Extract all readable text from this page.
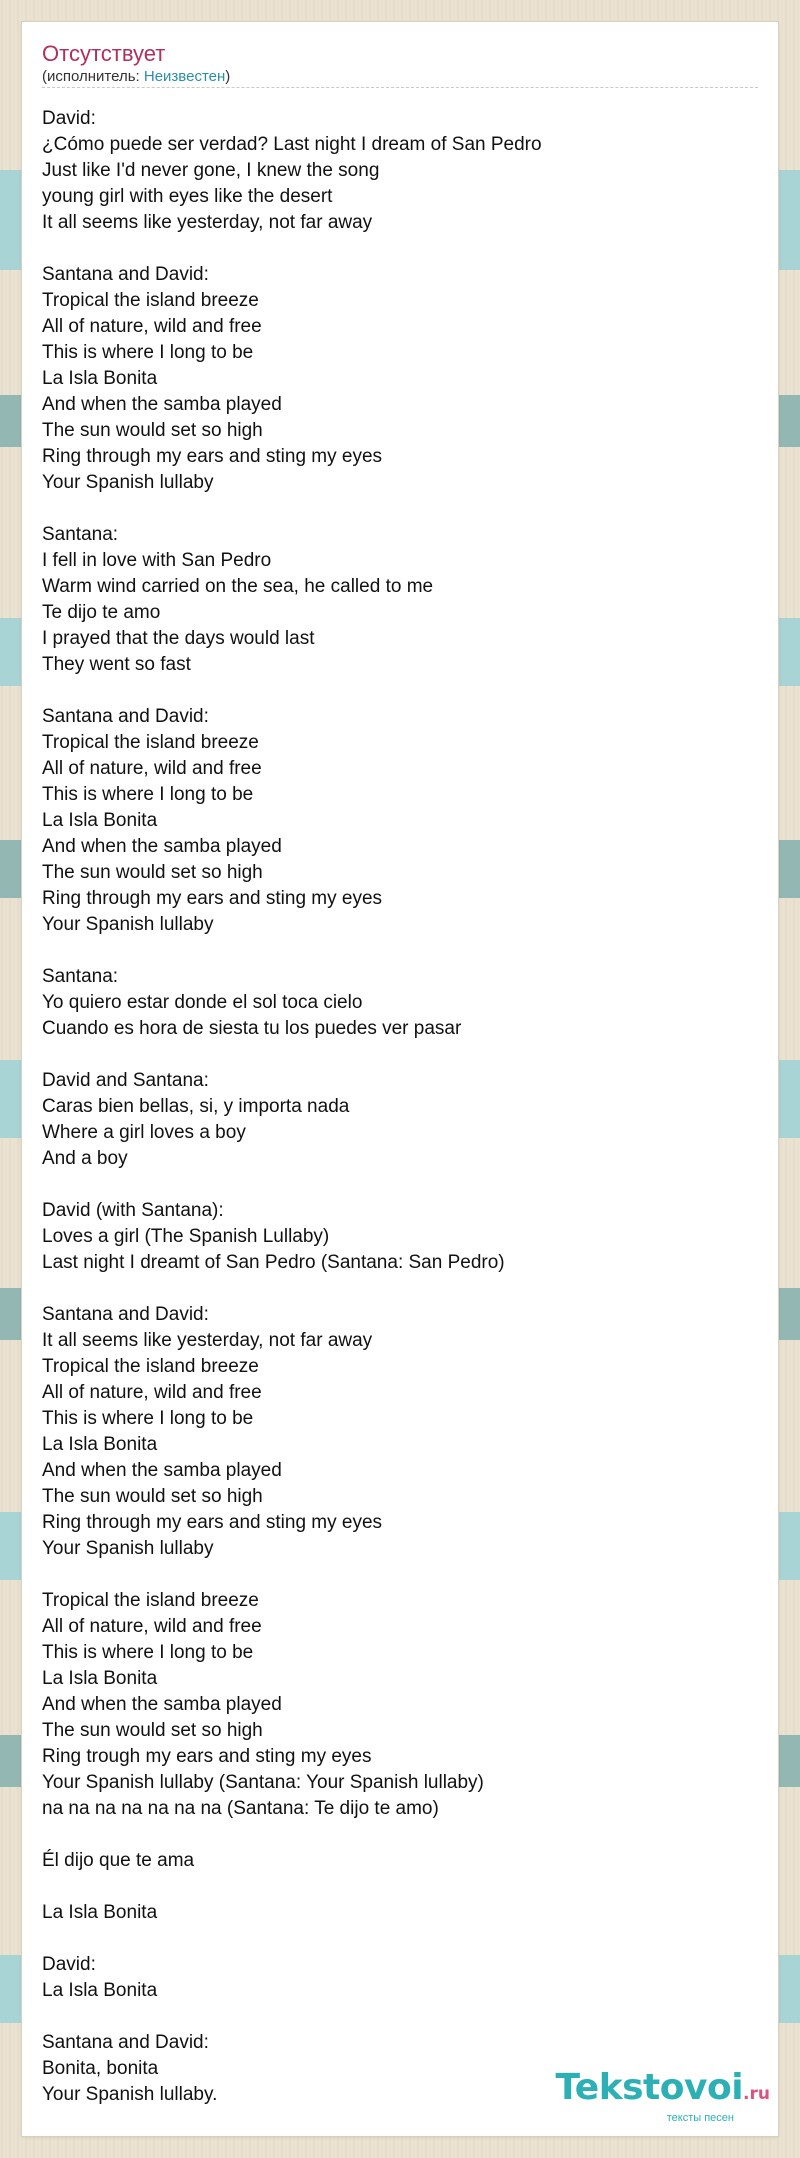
Отсутствует
(исполнитель: Неизвестен)
David:
¿Cómo puede ser verdad? Last night I dream of San Pedro
Just like I'd never gone, I knew the song
young girl with eyes like the desert
It all seems like yesterday, not far away
Santana and David:
Tropical the island breeze
All of nature, wild and free
This is where I long to be
La Isla Bonita
And when the samba played
The sun would set so high
Ring through my ears and sting my eyes
Your Spanish lullaby
Santana:
I fell in love with San Pedro
Warm wind carried on the sea, he called to me
Te dijo te amo
I prayed that the days would last
They went so fast
Santana and David:
Tropical the island breeze
All of nature, wild and free
This is where I long to be
La Isla Bonita
And when the samba played
The sun would set so high
Ring through my ears and sting my eyes
Your Spanish lullaby
Santana:
Yo quiero estar donde el sol toca cielo
Cuando es hora de siesta tu los puedes ver pasar
David and Santana:
Caras bien bellas, si, y importa nada
Where a girl loves a boy
And a boy
David (with Santana):
Loves a girl (The Spanish Lullaby)
Last night I dreamt of San Pedro (Santana: San Pedro)
Santana and David:
It all seems like yesterday, not far away
Tropical the island breeze
All of nature, wild and free
This is where I long to be
La Isla Bonita
And when the samba played
The sun would set so high
Ring through my ears and sting my eyes
Your Spanish lullaby
Tropical the island breeze
All of nature, wild and free
This is where I long to be
La Isla Bonita
And when the samba played
The sun would set so high
Ring trough my ears and sting my eyes
Your Spanish lullaby (Santana: Your Spanish lullaby)
na na na na na na na (Santana: Te dijo te amo)
Él dijo que te ama
La Isla Bonita
David:
La Isla Bonita
Santana and David:
Bonita, bonita
Your Spanish lullaby.	Tekstovoi.ru
тексты песен
